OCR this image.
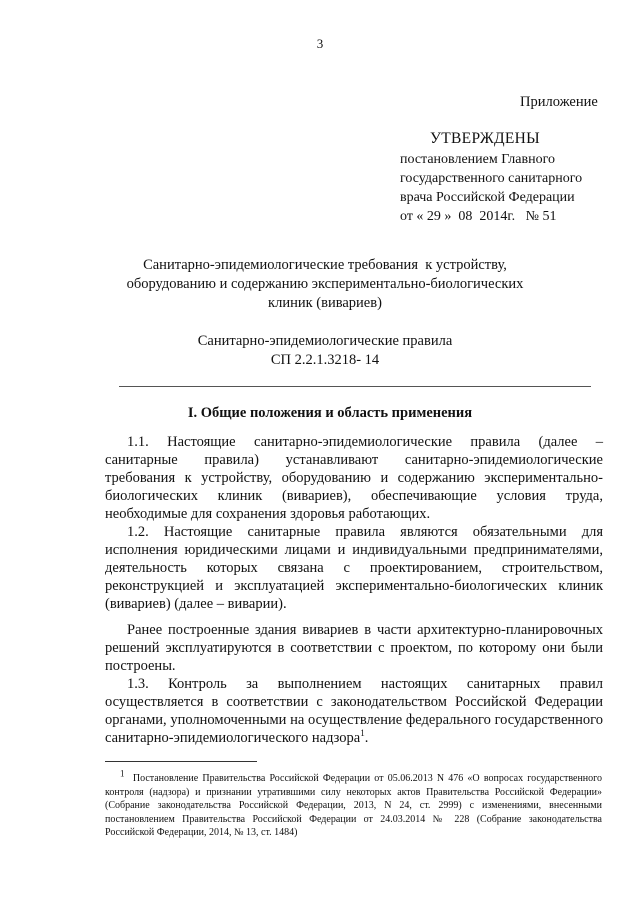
3
Приложение
УТВЕРЖДЕНЫ
постановлением Главного
государственного санитарного
врача Российской Федерации
от « 29 »  08  2014г.   № 51
Санитарно-эпидемиологические требования  к устройству,
оборудованию и содержанию экспериментально-биологических
клиник (вивариев)
Санитарно-эпидемиологические правила
СП 2.2.1.3218- 14
I. Общие положения и область применения

1.1. Настоящие санитарно-эпидемиологические правила (далее – санитарные правила) устанавливают санитарно-эпидемиологические требования к устройству, оборудованию и содержанию экспериментально-биологических клиник (вивариев), обеспечивающие условия труда, необходимые для сохранения здоровья работающих.

1.2. Настоящие санитарные правила являются обязательными для исполнения юридическими лицами и индивидуальными предпринимателями, деятельность которых связана с проектированием, строительством, реконструкцией и эксплуатацией экспериментально-биологических клиник (вивариев) (далее – виварии).

Ранее построенные здания вивариев в части архитектурно-планировочных решений эксплуатируются в соответствии с проектом, по которому они были построены.

1.3. Контроль за выполнением настоящих санитарных правил осуществляется в соответствии с законодательством Российской Федерации органами, уполномоченными на осуществление федерального государственного санитарно-эпидемиологического надзора$^1$.

$^1$ Постановление Правительства Российской Федерации от 05.06.2013 N 476 «О вопросах государственного контроля (надзора) и признании утратившими силу некоторых актов Правительства Российской Федерации» (Собрание законодательства Российской Федерации, 2013, N 24, ст. 2999) с изменениями, внесенными постановлением Правительства Российской Федерации от 24.03.2014 № 228 (Собрание законодательства Российской Федерации, 2014, № 13, ст. 1484)
